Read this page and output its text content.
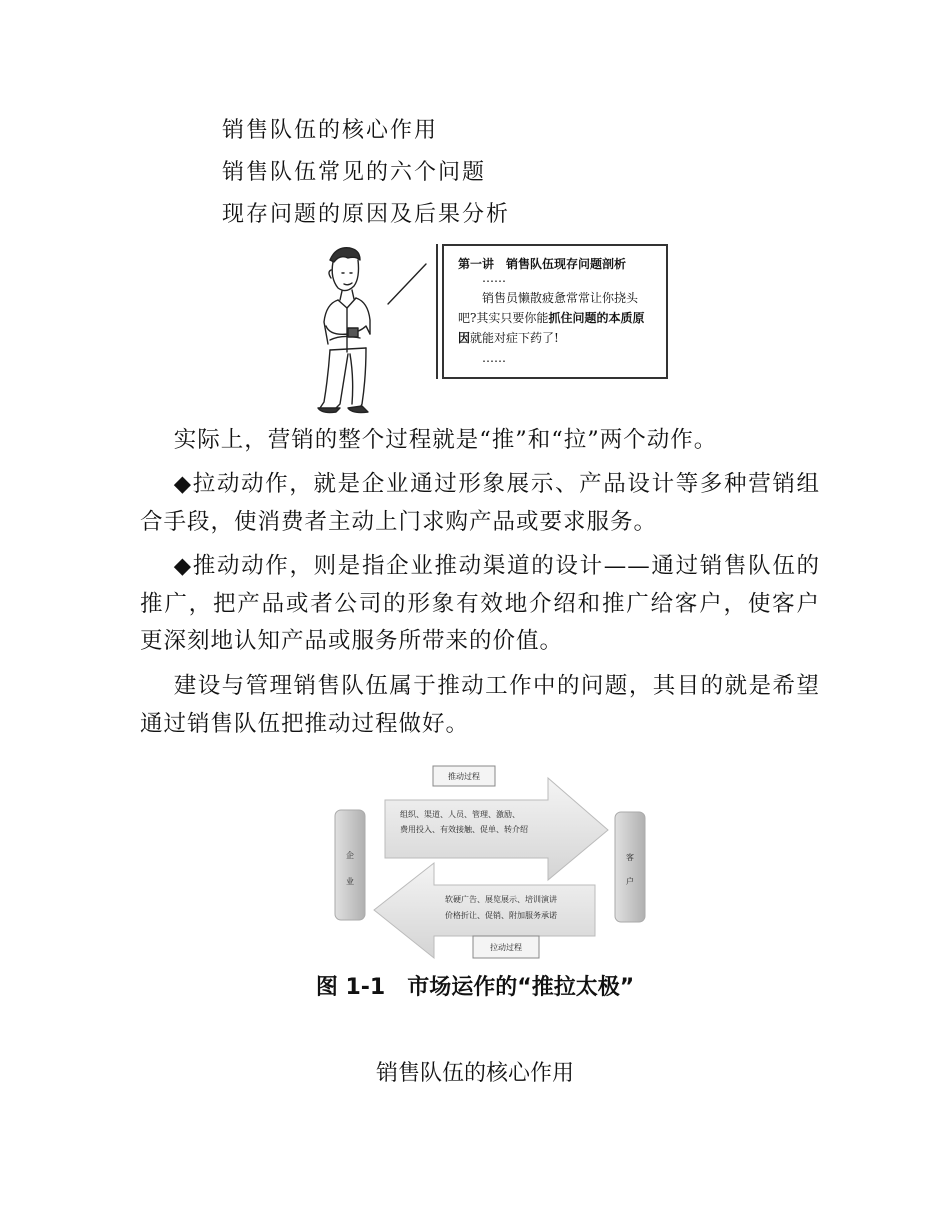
销售队伍的核心作用
销售队伍常见的六个问题
现存问题的原因及后果分析
第一讲　销售队伍现存问题剖析
……
销售员懒散疲惫常常让你挠头吧?其实只要你能抓住问题的本质原因就能对症下药了!
……
实际上，营销的整个过程就是“推”和“拉”两个动作。
◆拉动动作，就是企业通过形象展示、产品设计等多种营销组合手段，使消费者主动上门求购产品或要求服务。
◆推动动作，则是指企业推动渠道的设计——通过销售队伍的推广，把产品或者公司的形象有效地介绍和推广给客户，使客户更深刻地认知产品或服务所带来的价值。
建设与管理销售队伍属于推动工作中的问题，其目的就是希望通过销售队伍把推动过程做好。
企
业
客
户
推动过程
组织、渠道、人员、管理、激励、
费用投入、有效接触、促单、转介绍
拉动过程
软硬广告、展览展示、培训演讲
价格折让、促销、附加服务承诺
图 1-1　市场运作的“推拉太极”
销售队伍的核心作用
